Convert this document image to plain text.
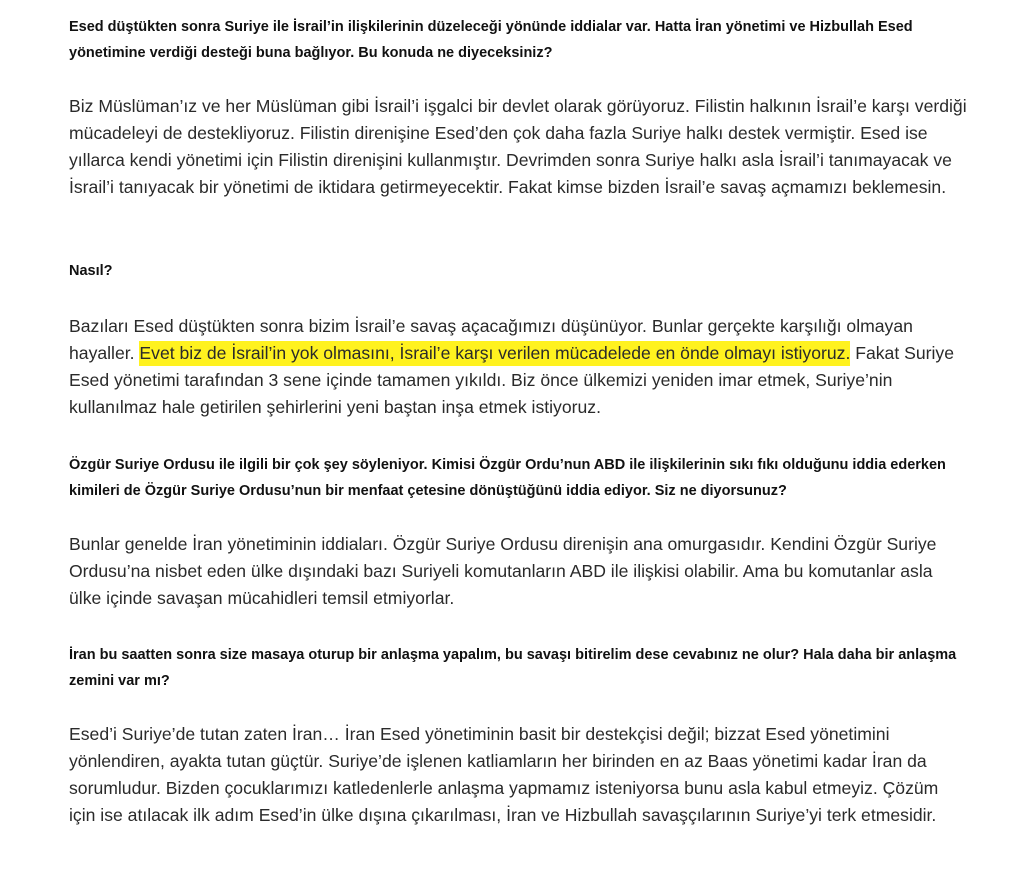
Esed düştükten sonra Suriye ile İsrail’in ilişkilerinin düzeleceği yönünde iddialar var. Hatta İran yönetimi ve Hizbullah Esed yönetimine verdiği desteği buna bağlıyor. Bu konuda ne diyeceksiniz?

Biz Müslüman’ız ve her Müslüman gibi İsrail’i işgalci bir devlet olarak görüyoruz. Filistin halkının İsrail’e karşı verdiği mücadeleyi de destekliyoruz. Filistin direnişine Esed’den çok daha fazla Suriye halkı destek vermiştir. Esed ise yıllarca kendi yönetimi için Filistin direnişini kullanmıştır. Devrimden sonra Suriye halkı asla İsrail’i tanımayacak ve İsrail’i tanıyacak bir yönetimi de iktidara getirmeyecektir. Fakat kimse bizden İsrail’e savaş açmamızı beklemesin.

Nasıl?

Bazıları Esed düştükten sonra bizim İsrail’e savaş açacağımızı düşünüyor. Bunlar gerçekte karşılığı olmayan hayaller. Evet biz de İsrail’in yok olmasını, İsrail’e karşı verilen mücadelede en önde olmayı istiyoruz. Fakat Suriye Esed yönetimi tarafından 3 sene içinde tamamen yıkıldı. Biz önce ülkemizi yeniden imar etmek, Suriye’nin kullanılmaz hale getirilen şehirlerini yeni baştan inşa etmek istiyoruz.

Özgür Suriye Ordusu ile ilgili bir çok şey söyleniyor. Kimisi Özgür Ordu’nun ABD ile ilişkilerinin sıkı fıkı olduğunu iddia ederken kimileri de Özgür Suriye Ordusu’nun bir menfaat çetesine dönüştüğünü iddia ediyor. Siz ne diyorsunuz?

Bunlar genelde İran yönetiminin iddiaları. Özgür Suriye Ordusu direnişin ana omurgasıdır. Kendini Özgür Suriye Ordusu’na nisbet eden ülke dışındaki bazı Suriyeli komutanların ABD ile ilişkisi olabilir. Ama bu komutanlar asla ülke içinde savaşan mücahidleri temsil etmiyorlar.

İran bu saatten sonra size masaya oturup bir anlaşma yapalım, bu savaşı bitirelim dese cevabınız ne olur? Hala daha bir anlaşma zemini var mı?

Esed’i Suriye’de tutan zaten İran… İran Esed yönetiminin basit bir destekçisi değil; bizzat Esed yönetimini yönlendiren, ayakta tutan güçtür. Suriye’de işlenen katliamların her birinden en az Baas yönetimi kadar İran da sorumludur. Bizden çocuklarımızı katledenlerle anlaşma yapmamız isteniyorsa bunu asla kabul etmeyiz. Çözüm için ise atılacak ilk adım Esed’in ülke dışına çıkarılması, İran ve Hizbullah savaşçılarının Suriye’yi terk etmesidir.
